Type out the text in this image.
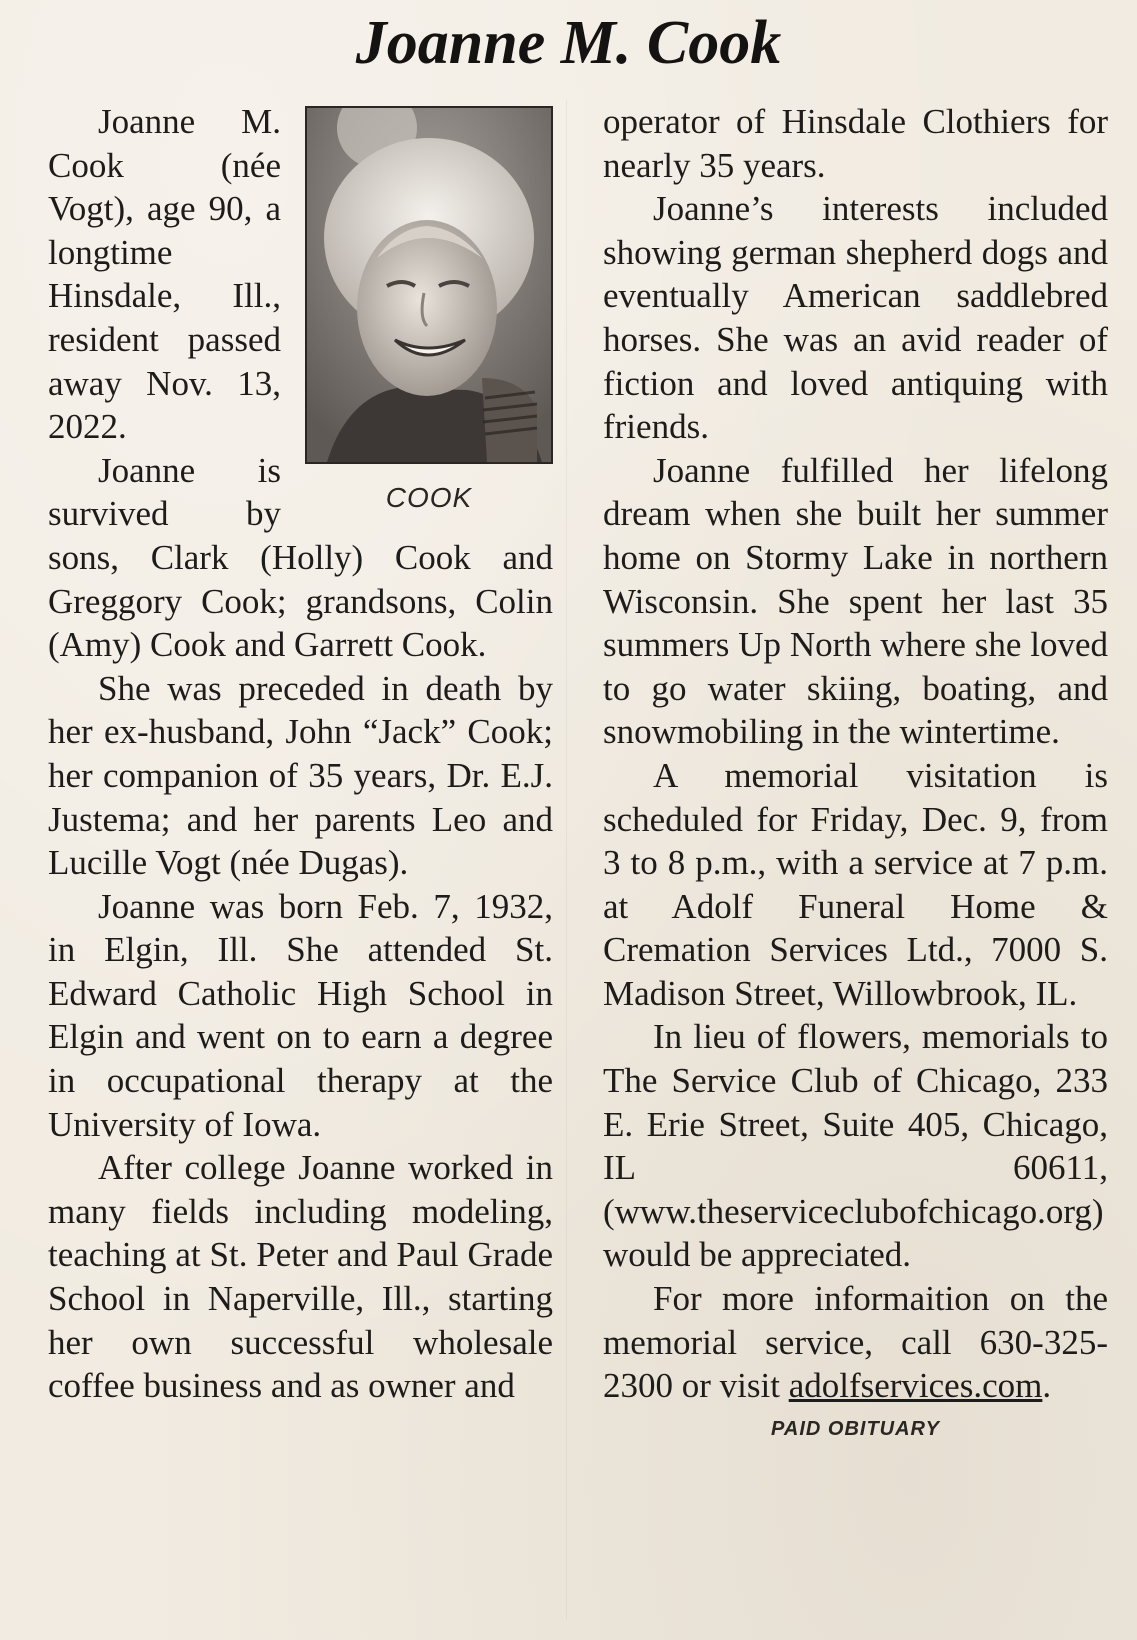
Joanne M. Cook
COOK

Joanne M. Cook (née Vogt), age 90, a longtime Hinsdale, Ill., resident passed away Nov. 13, 2022.

Joanne is survived by sons, Clark (Holly) Cook and Greggory Cook; grandsons, Colin (Amy) Cook and Garrett Cook.

She was preceded in death by her ex-husband, John “Jack” Cook; her companion of 35 years, Dr. E.J. Justema; and her parents Leo and Lucille Vogt (née Dugas).

Joanne was born Feb. 7, 1932, in Elgin, Ill. She attended St. Edward Catholic High School in Elgin and went on to earn a degree in occupational therapy at the University of Iowa.

After college Joanne worked in many fields including modeling, teaching at St. Peter and Paul Grade School in Naperville, Ill., starting her own successful wholesale coffee business and as owner and

operator of Hinsdale Clothiers for nearly 35 years.

Joanne’s interests included showing german shepherd dogs and eventually American saddlebred horses. She was an avid reader of fiction and loved antiquing with friends.

Joanne fulfilled her lifelong dream when she built her summer home on Stormy Lake in northern Wisconsin. She spent her last 35 summers Up North where she loved to go water skiing, boating, and snowmobiling in the wintertime.

A memorial visitation is scheduled for Friday, Dec. 9, from 3 to 8 p.m., with a service at 7 p.m. at Adolf Funeral Home & Cremation Services Ltd., 7000 S. Madison Street, Willowbrook, IL.

In lieu of flowers, memorials to The Service Club of Chicago, 233 E. Erie Street, Suite 405, Chicago, IL 60611, (www.theserviceclubofchicago.org) would be appreciated.

For more informaition on the memorial service, call 630-325-2300 or visit adolfservices.com.

PAID OBITUARY
